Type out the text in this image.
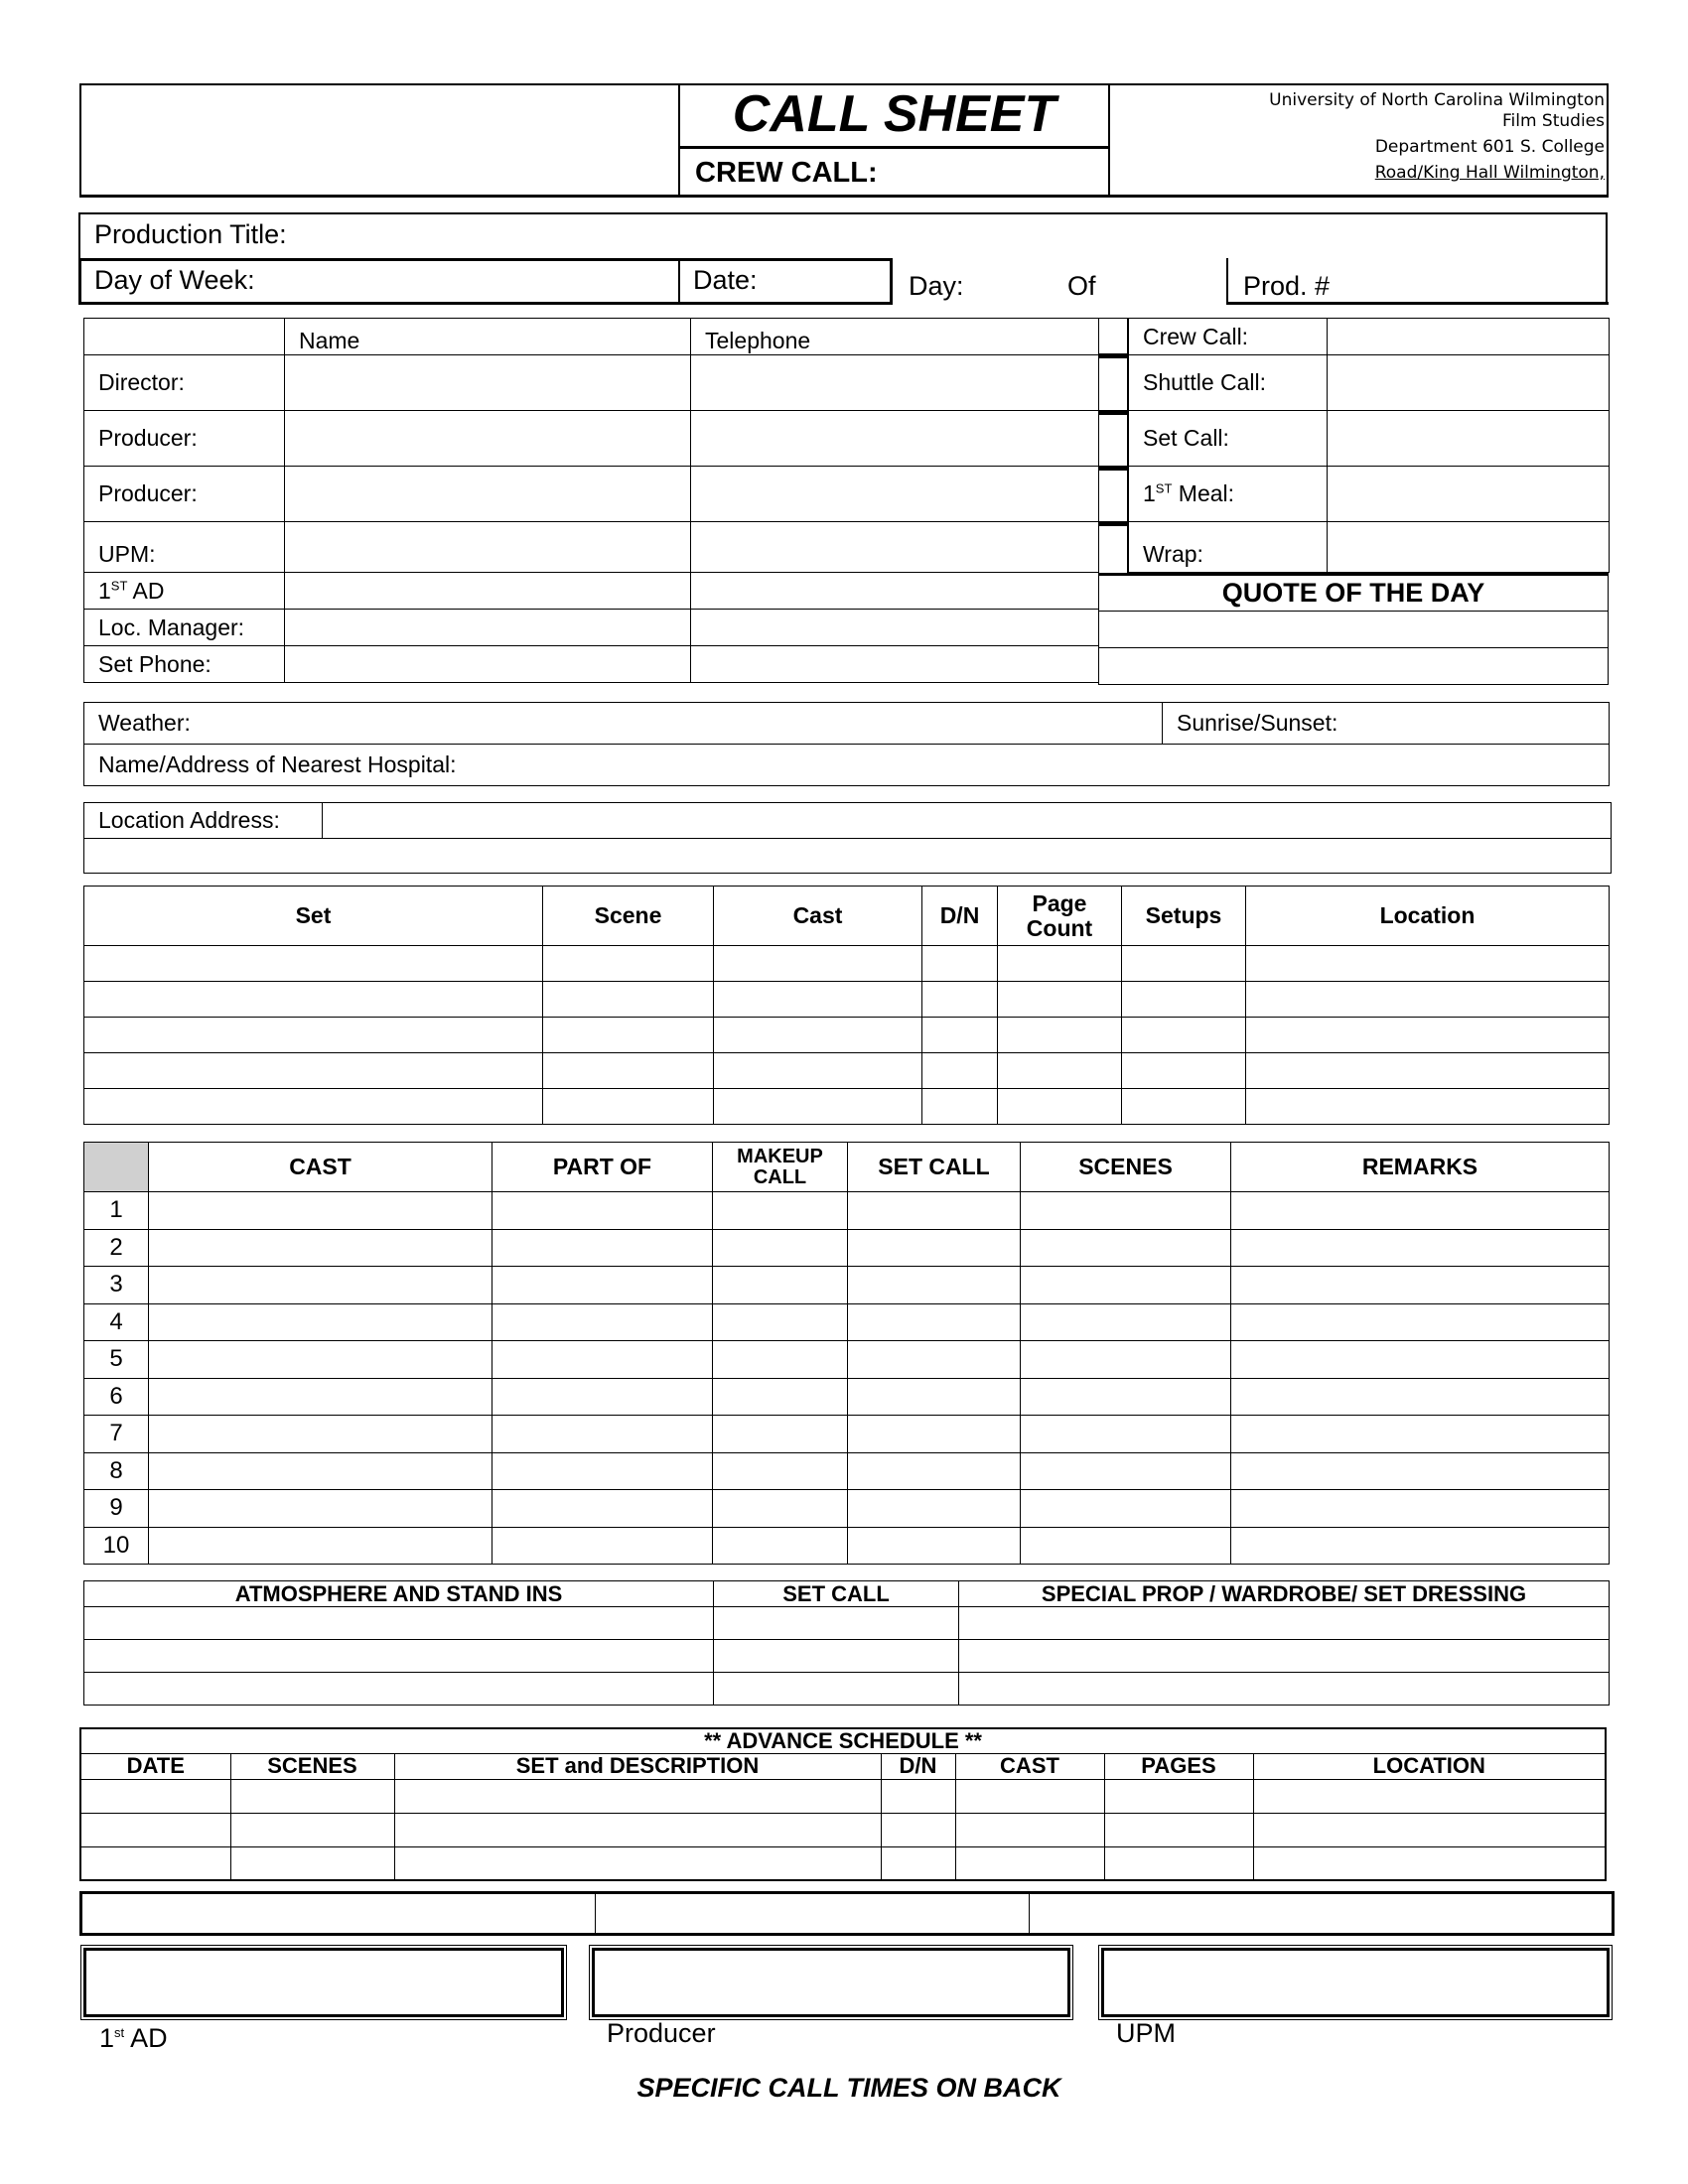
CALL SHEET
CREW CALL:
University of North Carolina Wilmington
Film Studies
Department 601 S. College
Road/King Hall Wilmington,
Production Title:
Day of Week:	Date:	Day:	Of	Prod. #
	Name	Telephone
Director:		
Producer:		
Producer:		
UPM:		
1ST AD		
Loc. Manager:		
Set Phone:		
Crew Call:	
Shuttle Call:	
Set Call:	
1ST Meal:	
Wrap:	
QUOTE OF THE DAY

Weather:	Sunrise/Sunset:
Name/Address of Nearest Hospital:
Location Address:	

Set	Scene	Cast	D/N	Page Count	Setups	Location

	CAST	PART OF	MAKEUP CALL	SET CALL	SCENES	REMARKS
1						
2						
3						
4						
5						
6						
7						
8						
9						
10						
ATMOSPHERE AND STAND INS	SET CALL	SPECIAL PROP / WARDROBE/ SET DRESSING

** ADVANCE SCHEDULE **						
DATE	SCENES	SET and DESCRIPTION	D/N	CAST	PAGES	LOCATION

1st AD	Producer	UPM
SPECIFIC CALL TIMES ON BACK
